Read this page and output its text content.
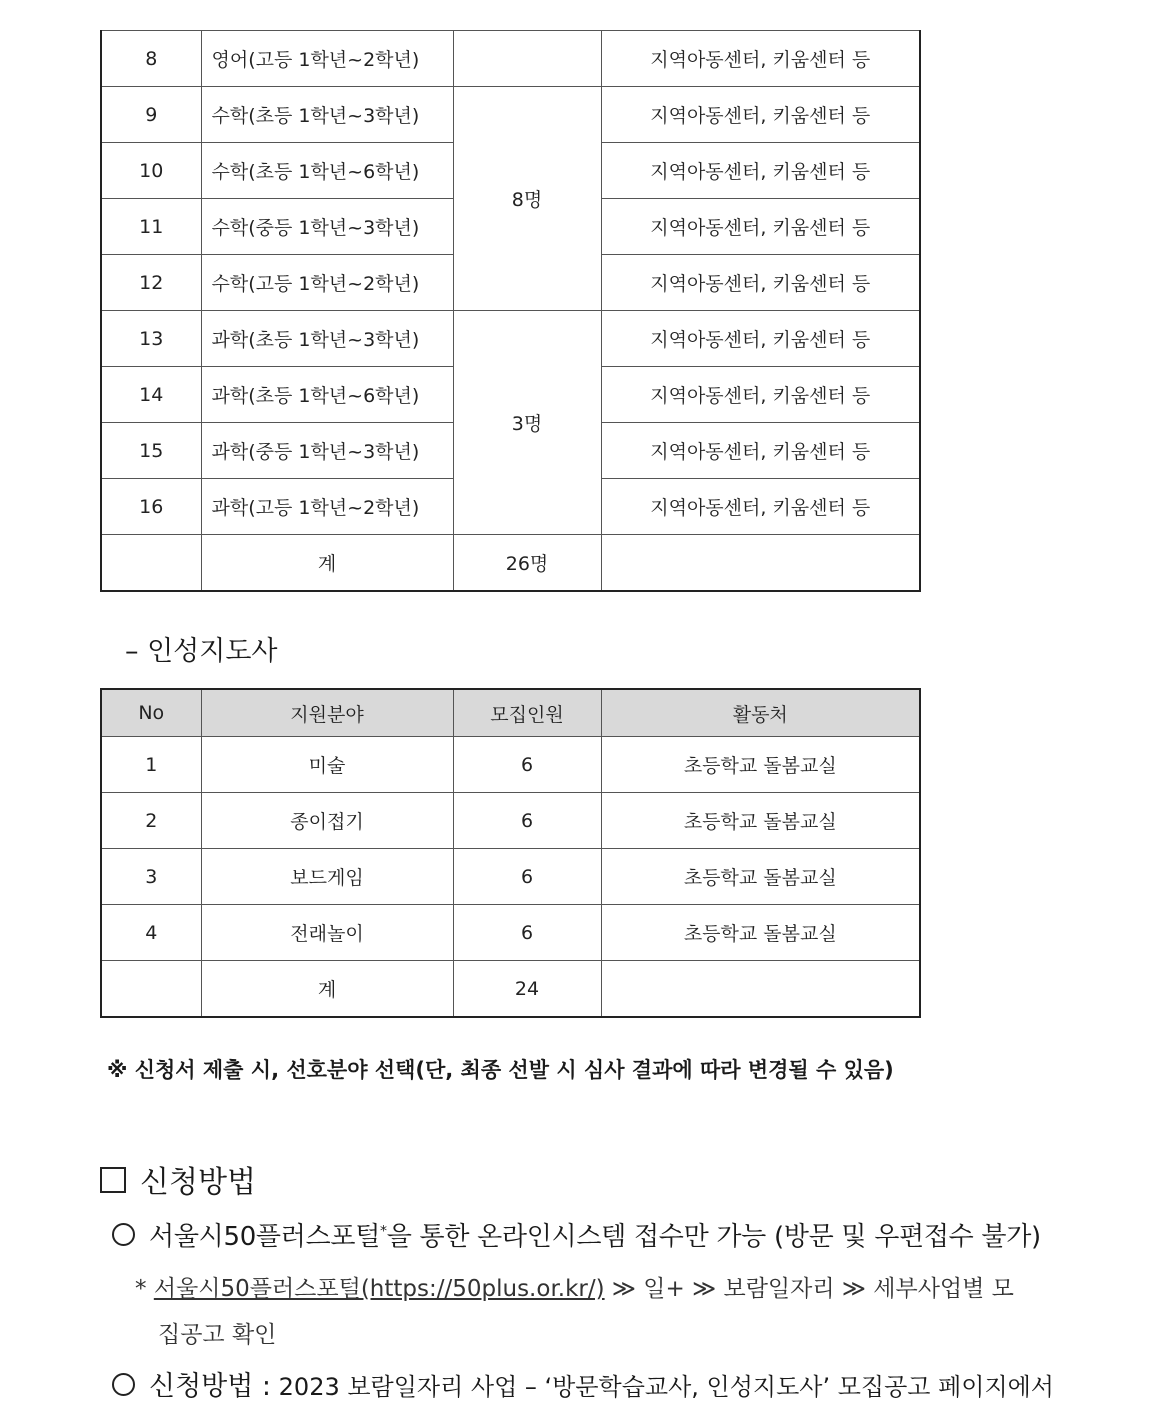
8	영어(고등 1학년~2학년)		지역아동센터, 키움센터 등
9	수학(초등 1학년~3학년)	8명	지역아동센터, 키움센터 등
10	수학(초등 1학년~6학년)		지역아동센터, 키움센터 등
11	수학(중등 1학년~3학년)		지역아동센터, 키움센터 등
12	수학(고등 1학년~2학년)		지역아동센터, 키움센터 등
13	과학(초등 1학년~3학년)	3명	지역아동센터, 키움센터 등
14	과학(초등 1학년~6학년)		지역아동센터, 키움센터 등
15	과학(중등 1학년~3학년)		지역아동센터, 키움센터 등
16	과학(고등 1학년~2학년)		지역아동센터, 키움센터 등
	계	26명	
– 인성지도사
No	지원분야	모집인원	활동처
1	미술	6	초등학교 돌봄교실
2	종이접기	6	초등학교 돌봄교실
3	보드게임	6	초등학교 돌봄교실
4	전래놀이	6	초등학교 돌봄교실
	계	24	
※ 신청서 제출 시, 선호분야 선택(단, 최종 선발 시 심사 결과에 따라 변경될 수 있음)
신청방법
서울시50플러스포털*을 통한 온라인시스템 접수만 가능 (방문 및 우편접수 불가)
* 서울시50플러스포털(https://50plus.or.kr/) ≫ 일+ ≫ 보람일자리 ≫ 세부사업별 모
집공고 확인
신청방법 : 2023 보람일자리 사업 – ‘방문학습교사, 인성지도사’ 모집공고 페이지에서
